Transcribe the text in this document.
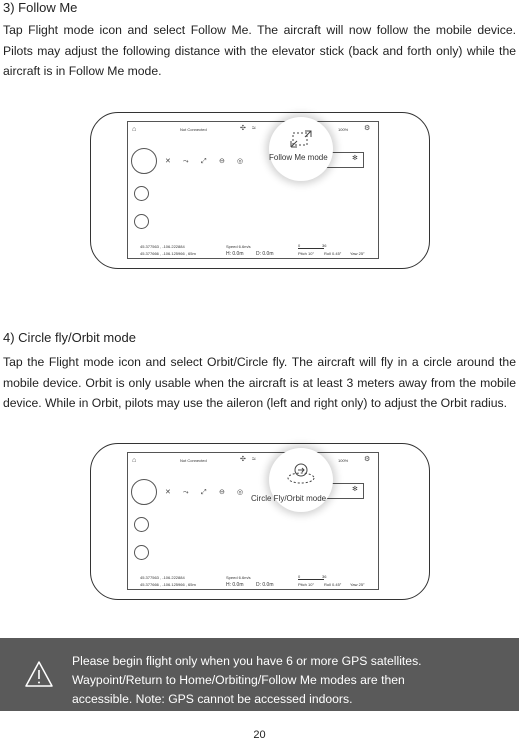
3) Follow Me
Tap Flight mode icon and select Follow Me. The aircraft will now follow the mobile device. Pilots may adjust the following distance with the elevator stick (back and forth only) while the aircraft is in Follow Me mode.
⌂	Not Connected	✣ ≈	100% ⚙
✕ ⤳ ⤢ ⊖ ◎	✻
45.377563 , -106.222884
45.377666 , -106.125966 , 65m
Speed 6.6m/s
H: 0.0m D: 0.0m
0	36
Pitch 10° Roll 0.45° Yaw 25°
Follow Me mode
4) Circle fly/Orbit mode
Tap the Flight mode icon and select Orbit/Circle fly. The aircraft will fly in a circle around the mobile device. Orbit is only usable when the aircraft is at least 3 meters away from the mobile device. While in Orbit, pilots may use the aileron (left and right only) to adjust the Orbit radius.
⌂	Not Connected	✣ ≈	100% ⚙
✕ ⤳ ⤢ ⊖ ◎	✻
45.377563 , -106.222884
45.377666 , -106.125966 , 65m
Speed 6.6m/s
H: 0.0m D: 0.0m
0	36
Pitch 10° Roll 0.45° Yaw 25°
Circle Fly/Orbit mode
Please begin flight only when you have 6 or more GPS satellites.
Waypoint/Return to Home/Orbiting/Follow Me modes are then
accessible. Note: GPS cannot be accessed indoors.
20
